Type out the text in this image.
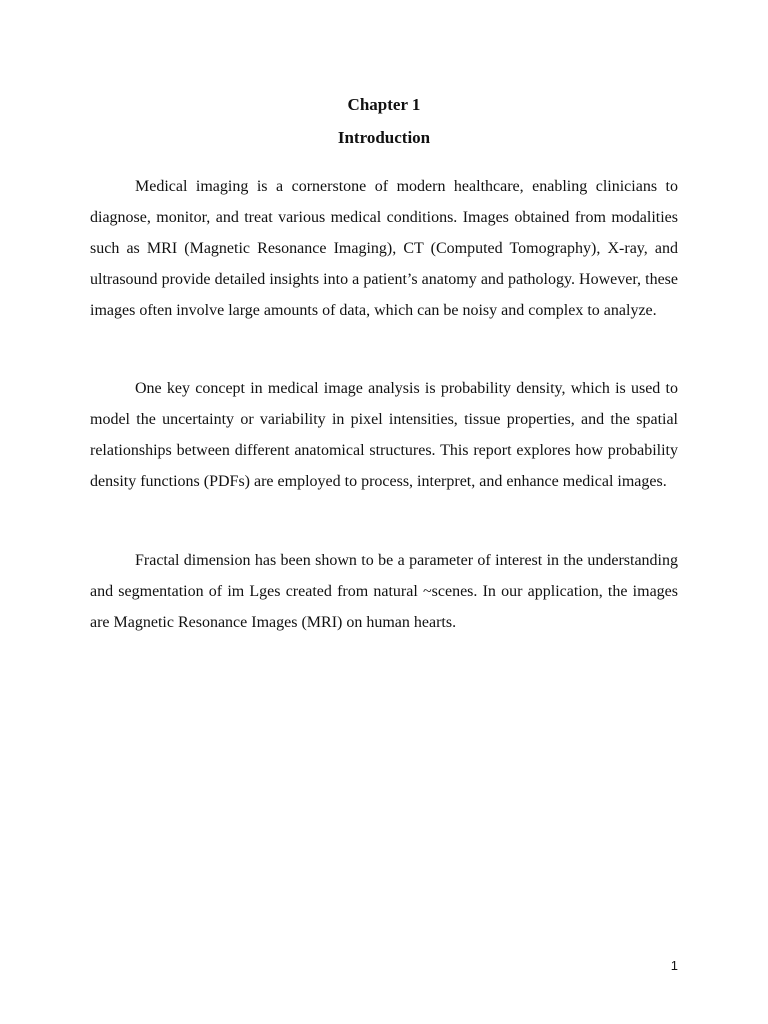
Chapter 1
Introduction

Medical imaging is a cornerstone of modern healthcare, enabling clinicians to diagnose, monitor, and treat various medical conditions. Images obtained from modalities such as MRI (Magnetic Resonance Imaging), CT (Computed Tomography), X-ray, and ultrasound provide detailed insights into a patient’s anatomy and pathology. However, these images often involve large amounts of data, which can be noisy and complex to analyze.

One key concept in medical image analysis is probability density, which is used to model the uncertainty or variability in pixel intensities, tissue properties, and the spatial relationships between different anatomical structures. This report explores how probability density functions (PDFs) are employed to process, interpret, and enhance medical images.

Fractal dimension has been shown to be a parameter of interest in the understanding and segmentation of im Lges created from natural ~scenes. In our application, the images are Magnetic Resonance Images (MRI) on human hearts.

1
